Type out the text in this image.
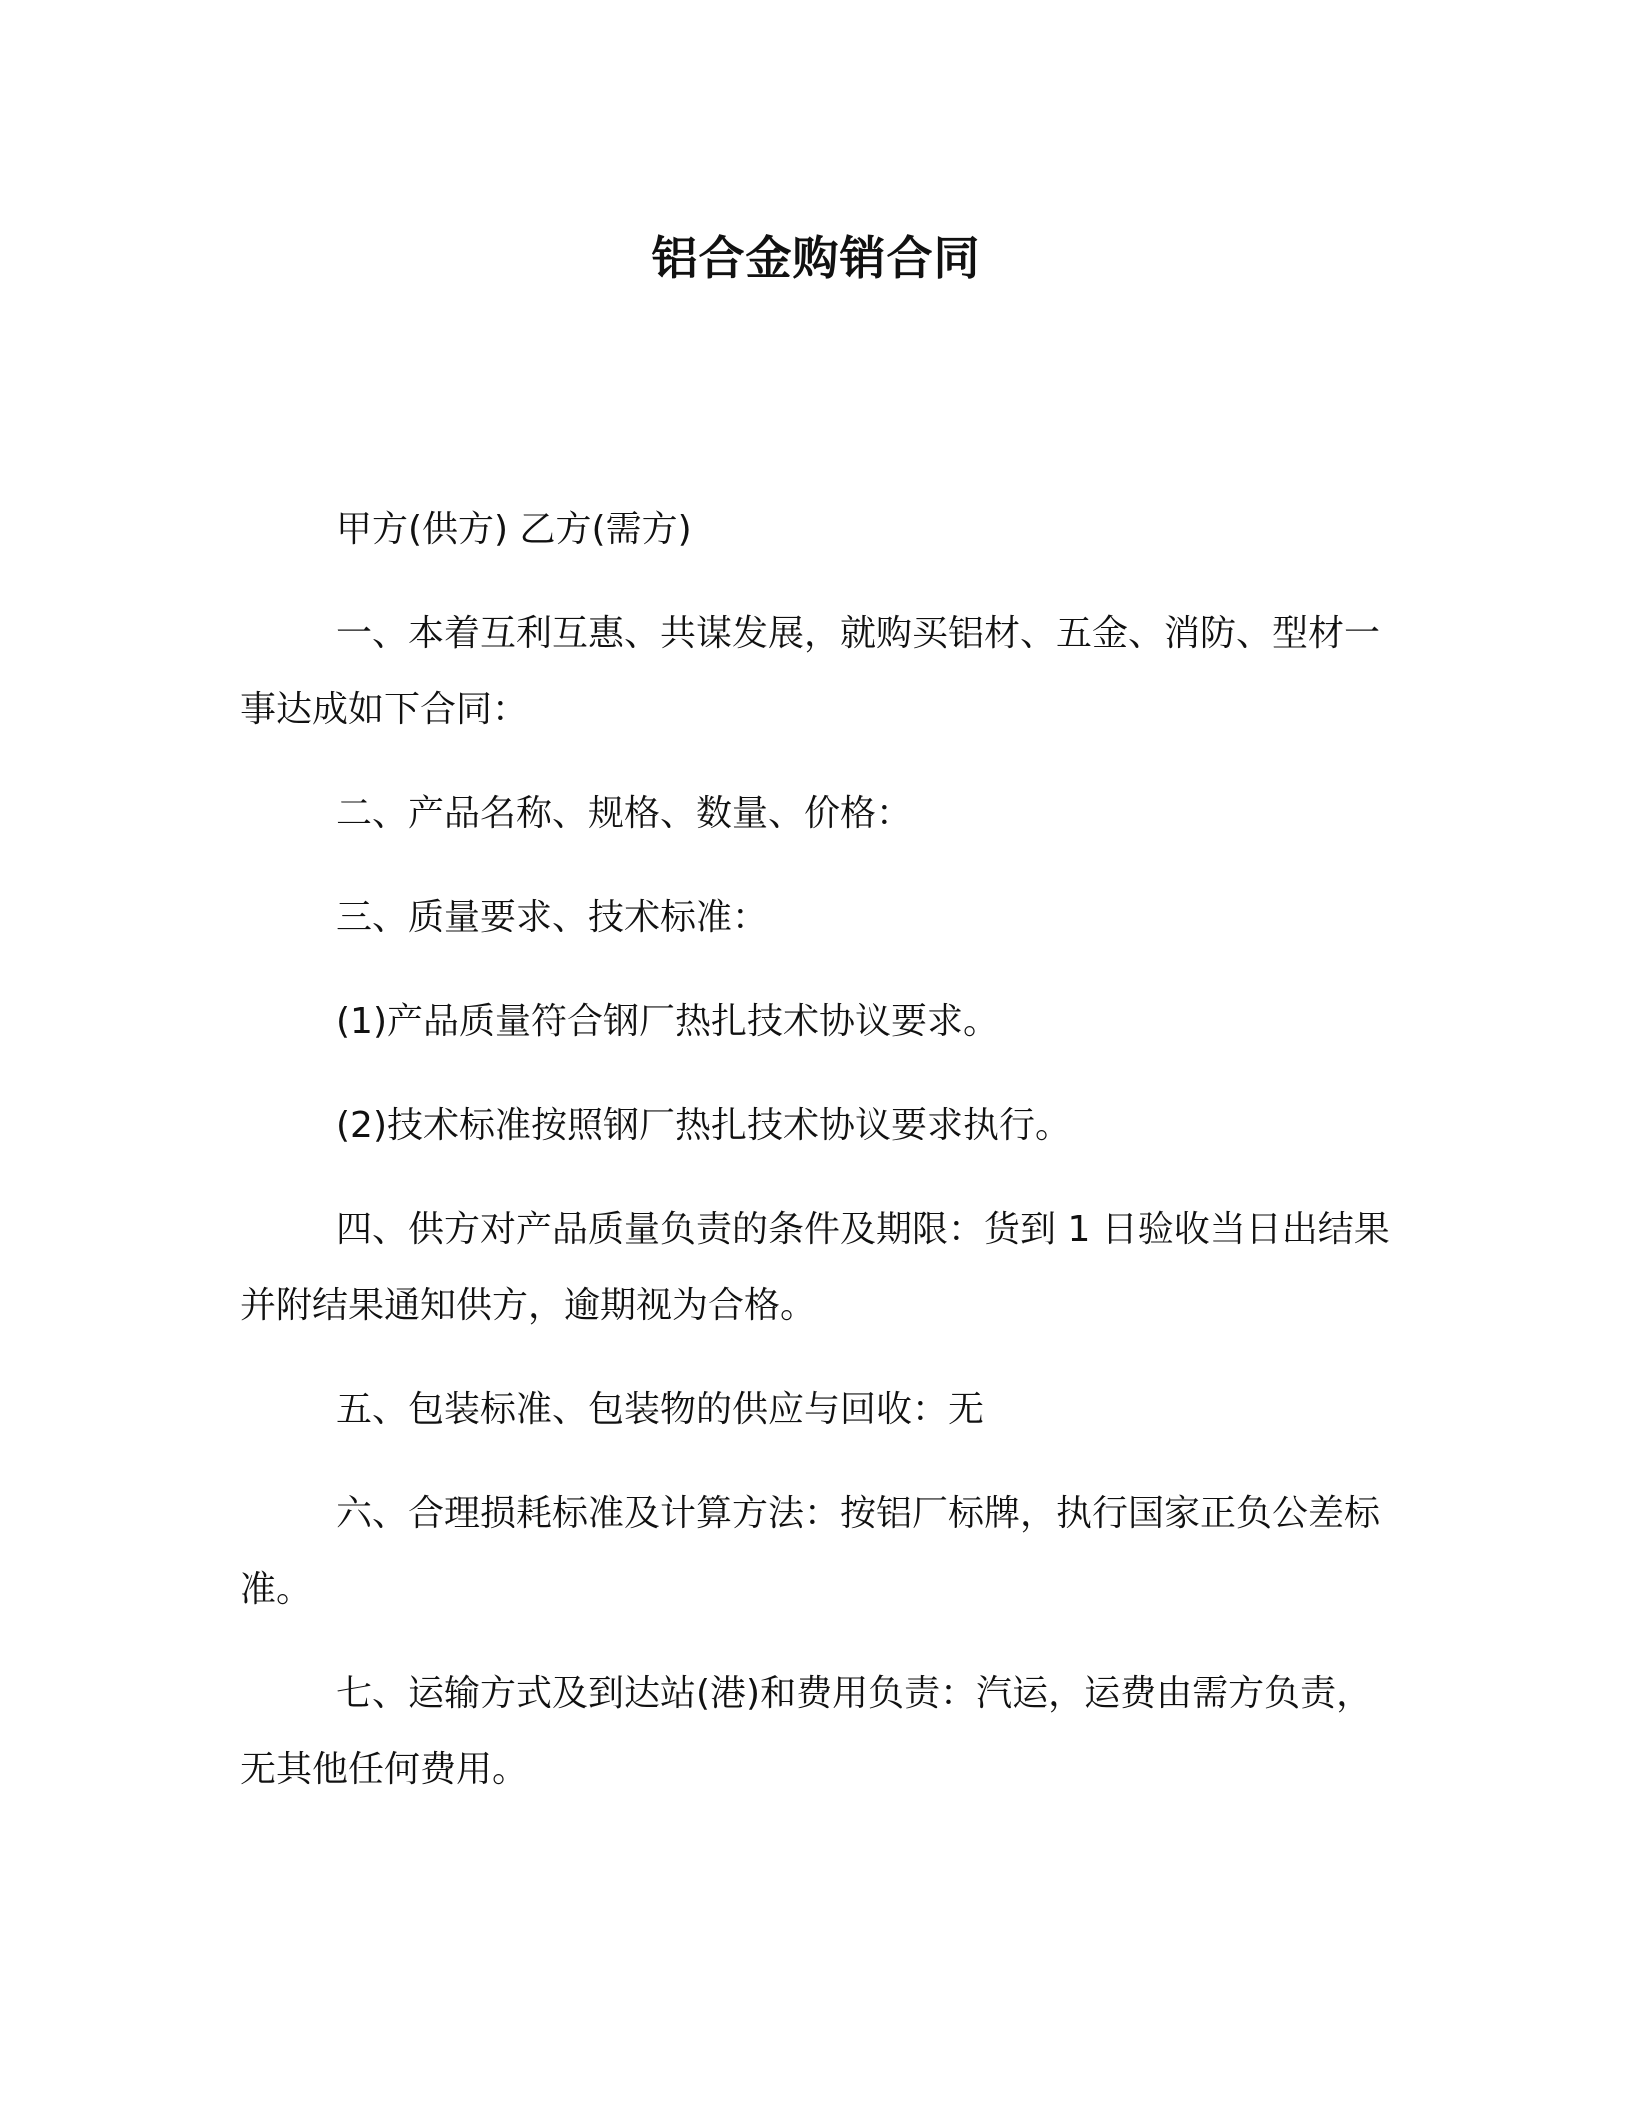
铝合金购销合同

甲方(供方) 乙方(需方)

一、本着互利互惠、共谋发展，就购买铝材、五金、消防、型材一事达成如下合同：

二、产品名称、规格、数量、价格：

三、质量要求、技术标准：

(1)产品质量符合钢厂热扎技术协议要求。

(2)技术标准按照钢厂热扎技术协议要求执行。

四、供方对产品质量负责的条件及期限：货到 1 日验收当日出结果并附结果通知供方，逾期视为合格。

五、包装标准、包装物的供应与回收：无

六、合理损耗标准及计算方法：按铝厂标牌，执行国家正负公差标准。

七、运输方式及到达站(港)和费用负责：汽运，运费由需方负责，无其他任何费用。
